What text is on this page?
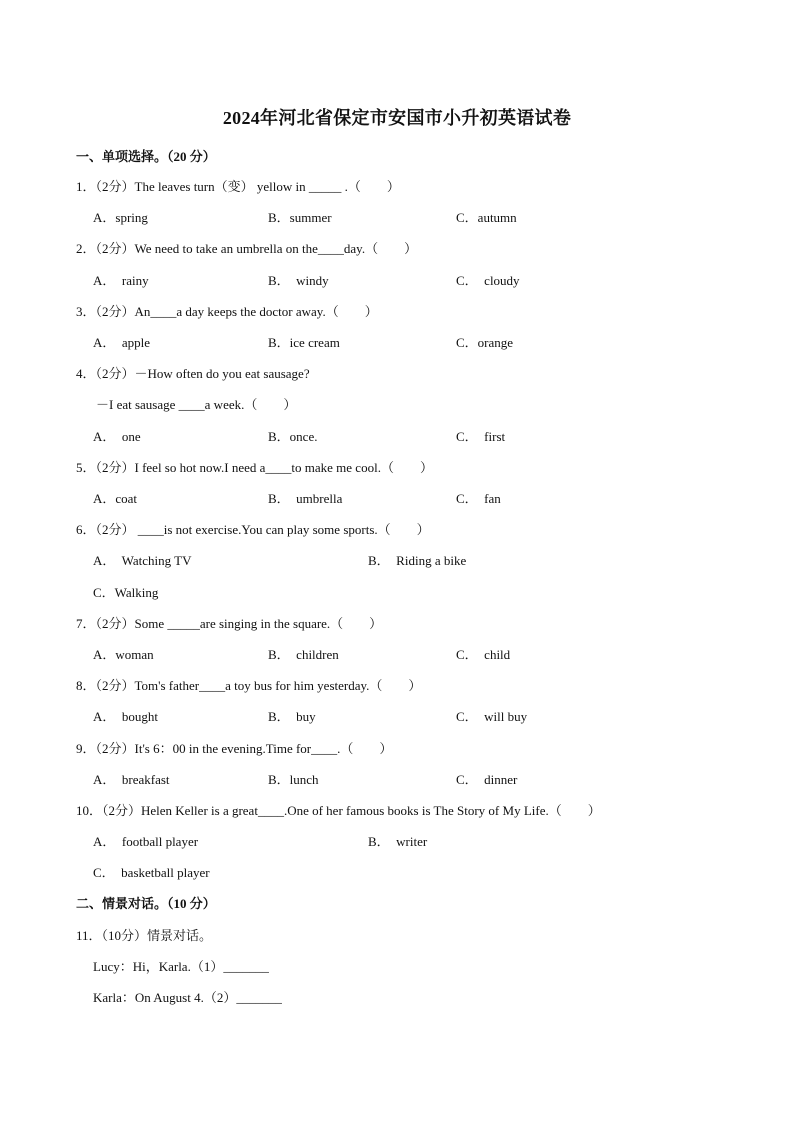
2024年河北省保定市安国市小升初英语试卷
一、单项选择。（20 分）
1．（2分）The leaves turn（变） yellow in _____ .（　　）
A．spring	B．summer	C．autumn
2．（2分）We need to take an umbrella on the____day.（　　）
A．  rainy	B．  windy	C．  cloudy
3．（2分）An____a day keeps the doctor away.（　　）
A．  apple	B．ice cream	C．orange
4．（2分）－How often do you eat sausage?
－I eat sausage ____a week.（　　）
A．  one	B．once.	C．  first
5．（2分）I feel so hot now.I need a____to make me cool.（　　）
A．coat	B．  umbrella	C．  fan
6．（2分） ____is not exercise.You can play some sports.（　　）
A．  Watching TV	B．  Riding a bike
C．Walking
7．（2分）Some _____are singing in the square.（　　）
A．woman	B．  children	C．  child
8．（2分）Tom's father____a toy bus for him yesterday.（　　）
A．  bought	B．  buy	C．  will buy
9．（2分）It's 6：00 in the evening.Time for____.（　　）
A．  breakfast	B．lunch	C．  dinner
10．（2分）Helen Keller is a great____.One of her famous books is The Story of My Life.（　　）
A．  football player	B．  writer
C．  basketball player
二、情景对话。（10 分）
11．（10分）情景对话。
Lucy：Hi，Karla.（1）_______
Karla：On August 4.（2）_______
